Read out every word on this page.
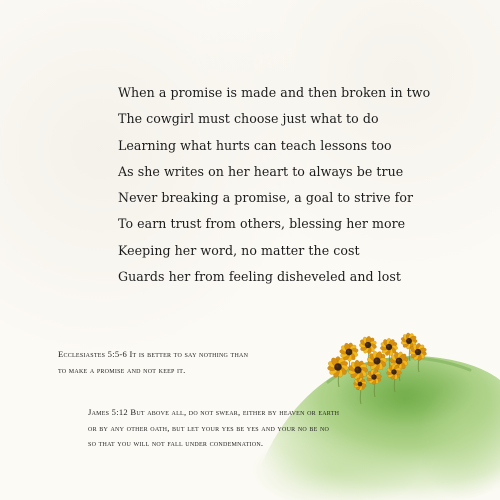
When a promise is made and then broken in two
The cowgirl must choose just what to do
Learning what hurts can teach lessons too
As she writes on her heart to always be true
Never breaking a promise, a goal to strive for
To earn trust from others, blessing her more
Keeping her word, no matter the cost
Guards her from feeling disheveled and lost
Ecclesiastes 5:5-6 It is better to say nothing than
to make a promise and not keep it.
James 5:12 But above all, do not swear, either by heaven or earth
or by any other oath, but let your yes be yes and your no be no
so that you will not fall under condemnation.
